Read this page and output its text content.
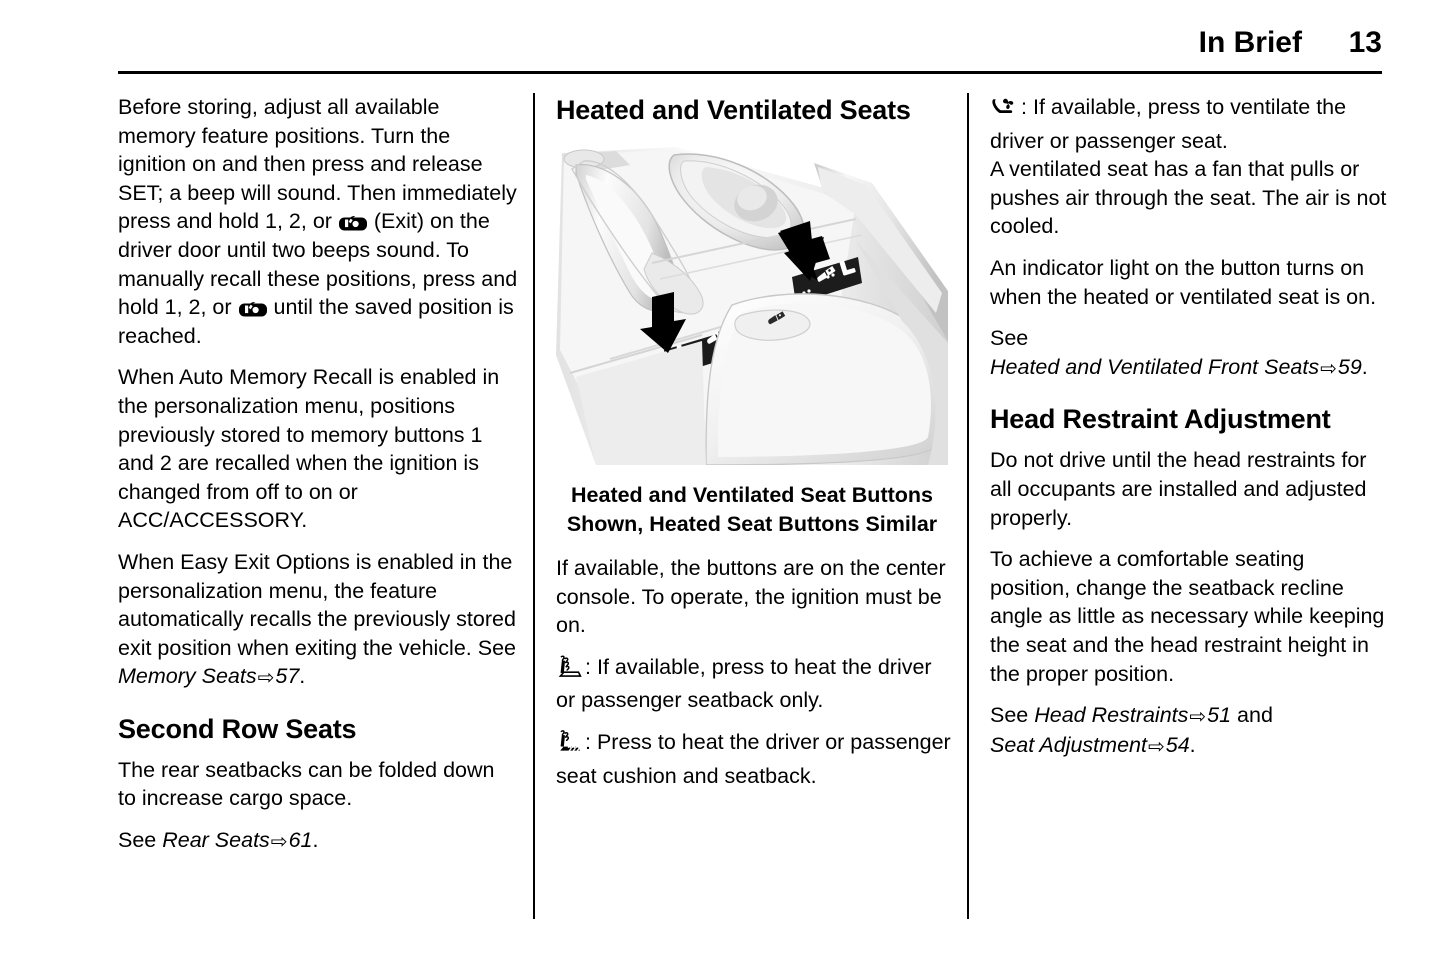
In Brief 13

Before storing, adjust all available memory feature positions. Turn the ignition on and then press and release SET; a beep will sound. Then immediately press and hold 1, 2, or
(Exit) on the driver door until two beeps sound. To manually recall these positions, press and hold 1, 2, or
until the saved position is reached.

When Auto Memory Recall is enabled in the personalization menu, positions previously stored to memory buttons 1 and 2 are recalled when the ignition is changed from off to on or ACC/ACCESSORY.

When Easy Exit Options is enabled in the personalization menu, the feature automatically recalls the previously stored exit position when exiting the vehicle. See Memory Seats⇨57.

Second Row Seats

The rear seatbacks can be folded down to increase cargo space.

See Rear Seats⇨61.

Heated and Ventilated Seats
Heated and Ventilated Seat Buttons Shown, Heated Seat Buttons Similar

If available, the buttons are on the center console. To operate, the ignition must be on.

: If available, press to heat the driver or passenger seatback only.

: Press to heat the driver or passenger seat cushion and seatback.

: If available, press to ventilate the driver or passenger seat.
A ventilated seat has a fan that pulls or pushes air through the seat. The air is not cooled.

An indicator light on the button turns on when the heated or ventilated seat is on.

See Heated and Ventilated Front Seats⇨59.

Head Restraint Adjustment

Do not drive until the head restraints for all occupants are installed and adjusted properly.

To achieve a comfortable seating position, change the seatback recline angle as little as necessary while keeping the seat and the head restraint height in the proper position.

See Head Restraints⇨51 and Seat Adjustment⇨54.
